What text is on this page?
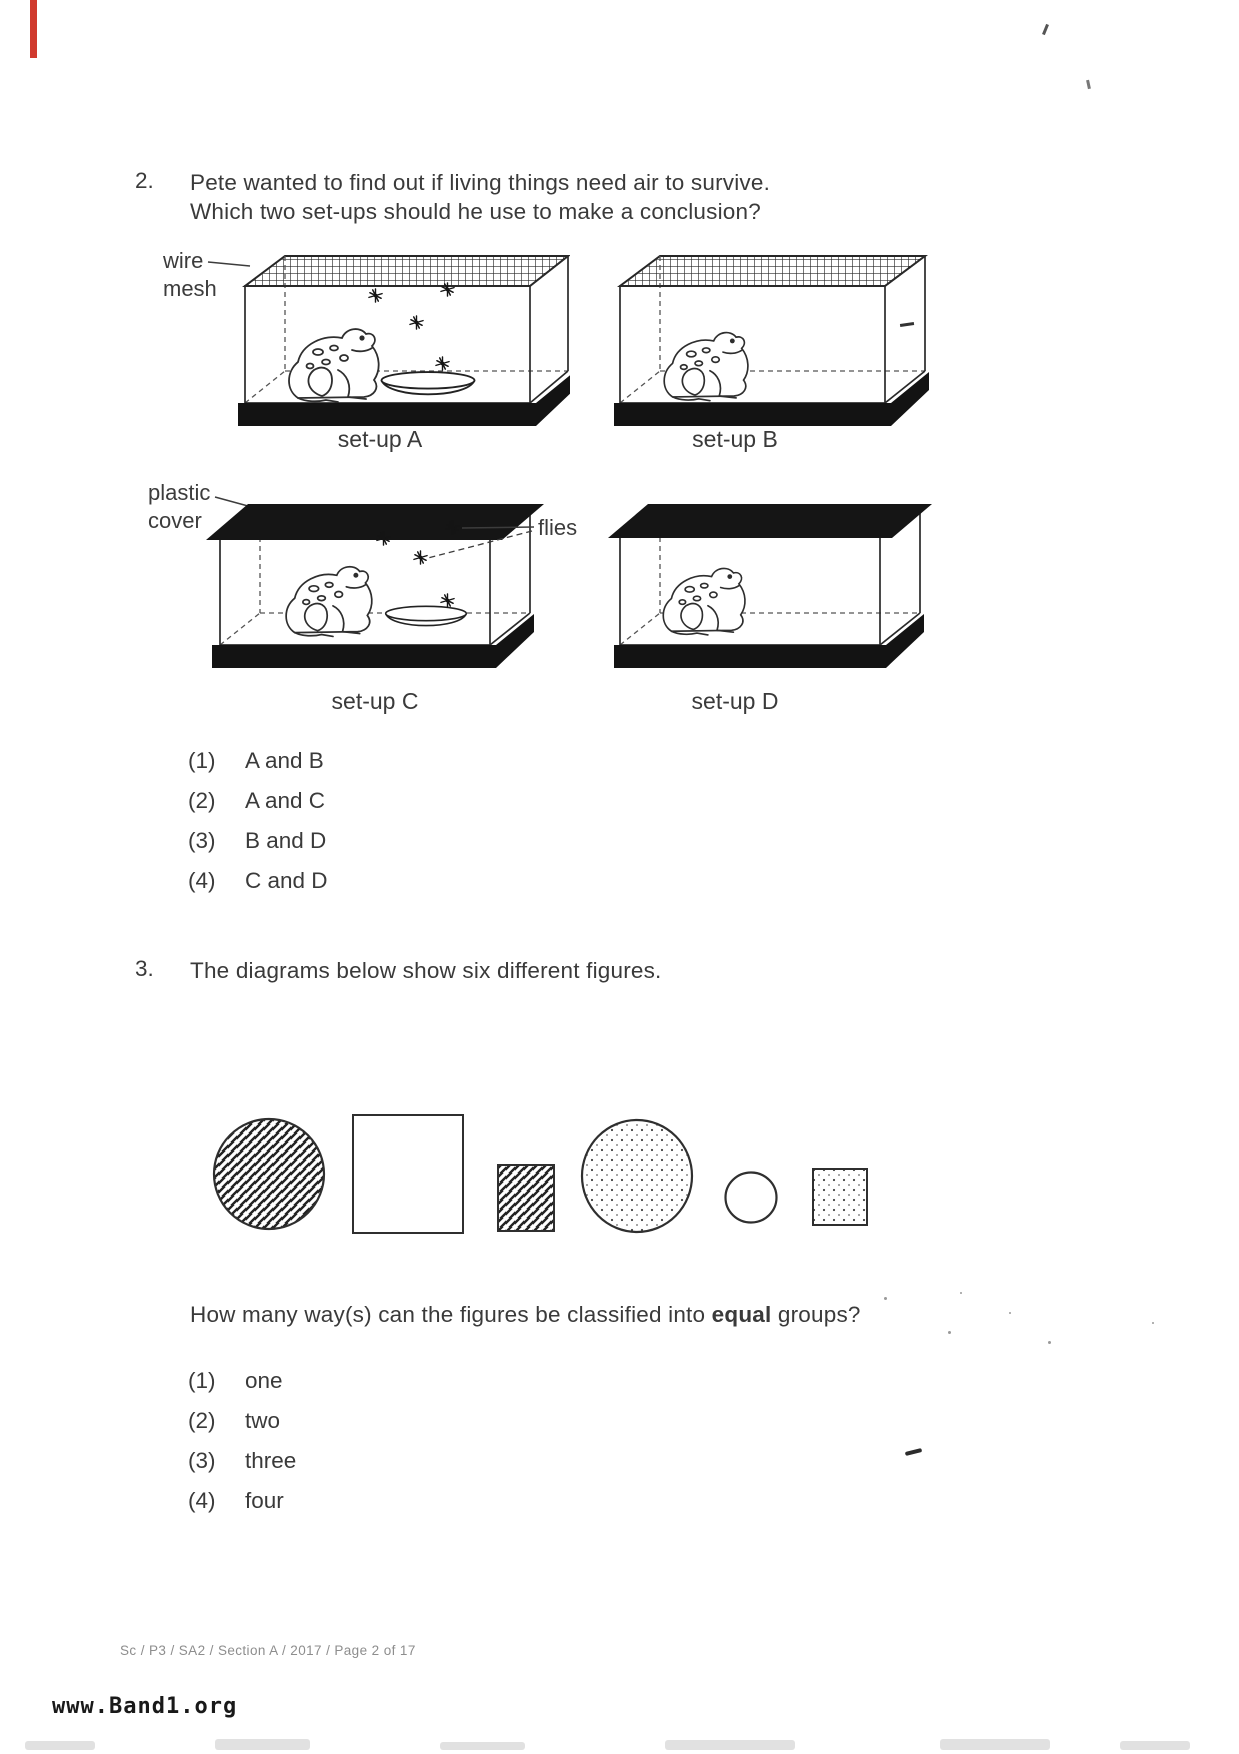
2. Pete wanted to find out if living things need air to survive.
Which two set-ups should he use to make a conclusion?
wire
mesh
set-up A	set-up B
plastic
cover	flies
set-up C	set-up D
(1) A and B
(2) A and C
(3) B and D
(4) C and D
3. The diagrams below show six different figures.
How many way(s) can the figures be classified into equal groups?
(1) one
(2) two
(3) three
(4) four
Sc / P3 / SA2 / Section A / 2017 / Page 2 of 17
www.Band1.org
